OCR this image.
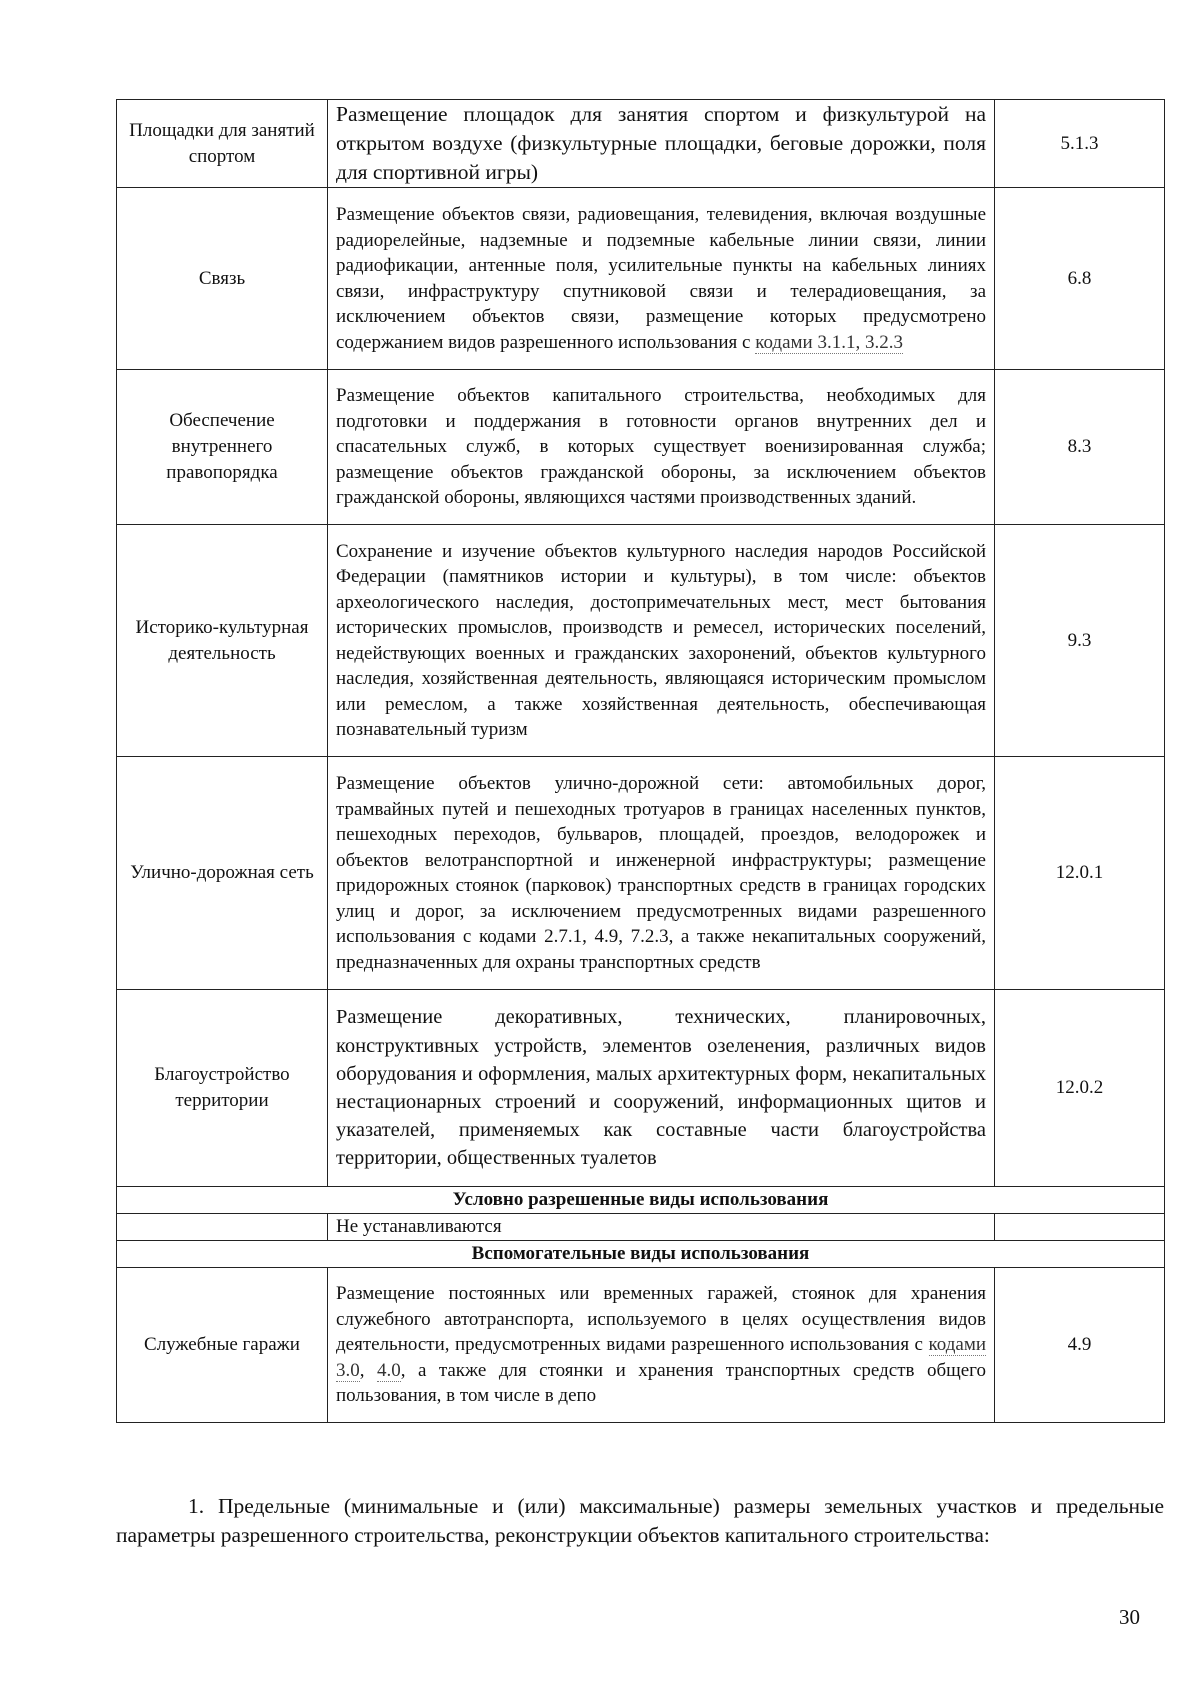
Площадки для занятий спортом	Размещение площадок для занятия спортом и физкультурой на открытом воздухе (физкультурные площадки, беговые дорожки, поля для спортивной игры)	5.1.3
Связь	Размещение объектов связи, радиовещания, телевидения, включая воздушные радиорелейные, надземные и подземные кабельные линии связи, линии радиофикации, антенные поля, усилительные пункты на кабельных линиях связи, инфраструктуру спутниковой связи и телерадиовещания, за исключением объектов связи, размещение которых предусмотрено содержанием видов разрешенного использования с кодами 3.1.1, 3.2.3	6.8
Обеспечение внутреннего правопорядка	Размещение объектов капитального строительства, необходимых для подготовки и поддержания в готовности органов внутренних дел и спасательных служб, в которых существует военизированная служба; размещение объектов гражданской обороны, за исключением объектов гражданской обороны, являющихся частями производственных зданий.	8.3
Историко-культурная деятельность	Сохранение и изучение объектов культурного наследия народов Российской Федерации (памятников истории и культуры), в том числе: объектов археологического наследия, достопримечательных мест, мест бытования исторических промыслов, производств и ремесел, исторических поселений, недействующих военных и гражданских захоронений, объектов культурного наследия, хозяйственная деятельность, являющаяся историческим промыслом или ремеслом, а также хозяйственная деятельность, обеспечивающая познавательный туризм	9.3
Улично-дорожная сеть	Размещение объектов улично-дорожной сети: автомобильных дорог, трамвайных путей и пешеходных тротуаров в границах населенных пунктов, пешеходных переходов, бульваров, площадей, проездов, велодорожек и объектов велотранспортной и инженерной инфраструктуры; размещение придорожных стоянок (парковок) транспортных средств в границах городских улиц и дорог, за исключением предусмотренных видами разрешенного использования с кодами 2.7.1, 4.9, 7.2.3, а также некапитальных сооружений, предназначенных для охраны транспортных средств	12.0.1
Благоустройство территории	Размещение декоративных, технических, планировочных, конструктивных устройств, элементов озеленения, различных видов оборудования и оформления, малых архитектурных форм, некапитальных нестационарных строений и сооружений, информационных щитов и указателей, применяемых как составные части благоустройства территории, общественных туалетов	12.0.2
Условно разрешенные виды использования		
	Не устанавливаются	
Вспомогательные виды использования		
Служебные гаражи	Размещение постоянных или временных гаражей, стоянок для хранения служебного автотранспорта, используемого в целях осуществления видов деятельности, предусмотренных видами разрешенного использования с кодами 3.0, 4.0, а также для стоянки и хранения транспортных средств общего пользования, в том числе в депо	4.9
1. Предельные (минимальные и (или) максимальные) размеры земельных участков и предельные параметры разрешенного строительства, реконструкции объектов капитального строительства:
30
